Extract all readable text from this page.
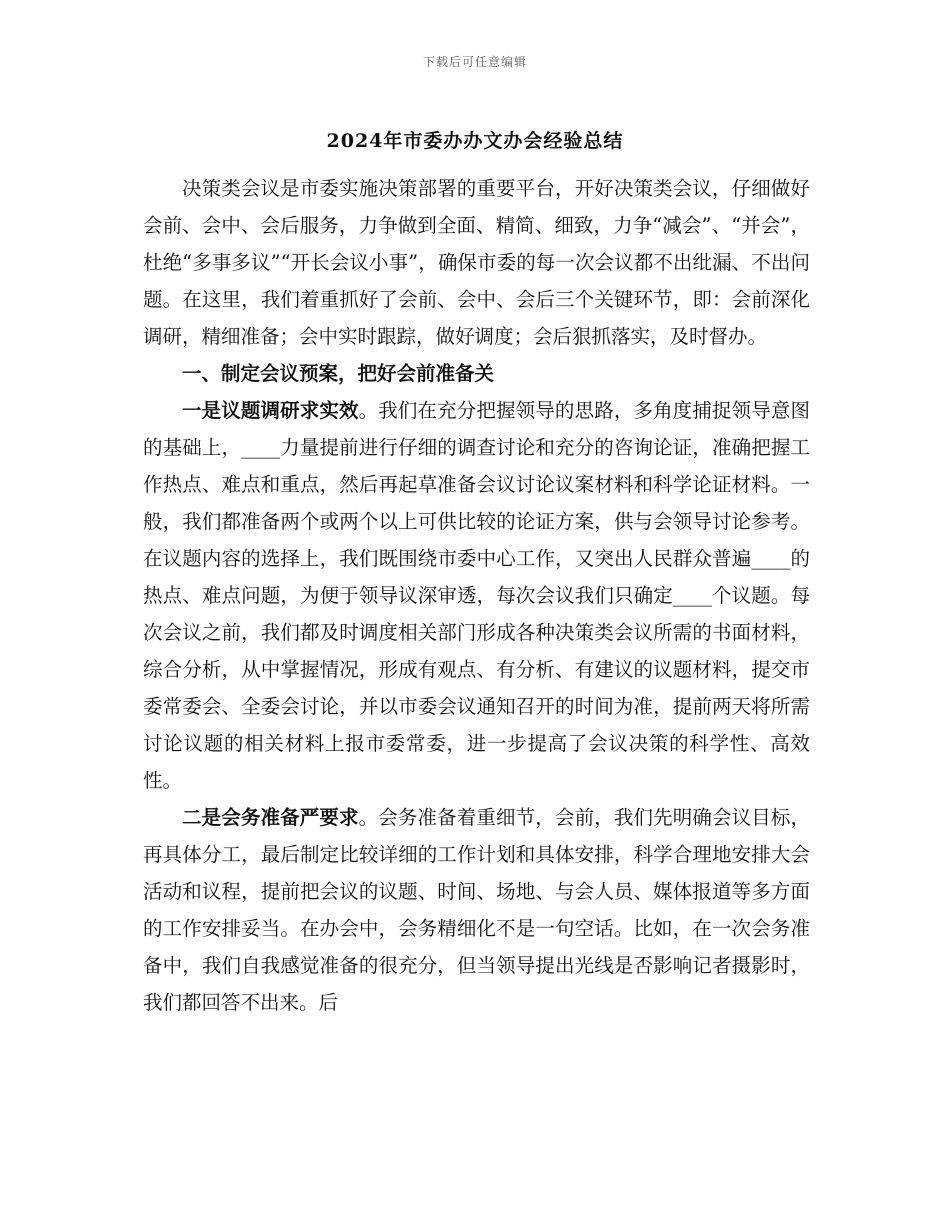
下载后可任意编辑
2024年市委办办文办会经验总结

决策类会议是市委实施决策部署的重要平台，开好决策类会议，仔细做好会前、会中、会后服务，力争做到全面、精简、细致，力争“减会”、“并会”，杜绝“多事多议”“开长会议小事”，确保市委的每一次会议都不出纰漏、不出问题。在这里，我们着重抓好了会前、会中、会后三个关键环节，即：会前深化调研，精细准备；会中实时跟踪，做好调度；会后狠抓落实，及时督办。

一、制定会议预案，把好会前准备关

一是议题调研求实效。我们在充分把握领导的思路，多角度捕捉领导意图的基础上，____力量提前进行仔细的调查讨论和充分的咨询论证，准确把握工作热点、难点和重点，然后再起草准备会议讨论议案材料和科学论证材料。一般，我们都准备两个或两个以上可供比较的论证方案，供与会领导讨论参考。在议题内容的选择上，我们既围绕市委中心工作，又突出人民群众普遍____的热点、难点问题，为便于领导议深审透，每次会议我们只确定____个议题。每次会议之前，我们都及时调度相关部门形成各种决策类会议所需的书面材料，综合分析，从中掌握情况，形成有观点、有分析、有建议的议题材料，提交市委常委会、全委会讨论，并以市委会议通知召开的时间为准，提前两天将所需讨论议题的相关材料上报市委常委，进一步提高了会议决策的科学性、高效性。

二是会务准备严要求。会务准备着重细节，会前，我们先明确会议目标，再具体分工，最后制定比较详细的工作计划和具体安排，科学合理地安排大会活动和议程，提前把会议的议题、时间、场地、与会人员、媒体报道等多方面的工作安排妥当。在办会中，会务精细化不是一句空话。比如，在一次会务准备中，我们自我感觉准备的很充分，但当领导提出光线是否影响记者摄影时，我们都回答不出来。后
